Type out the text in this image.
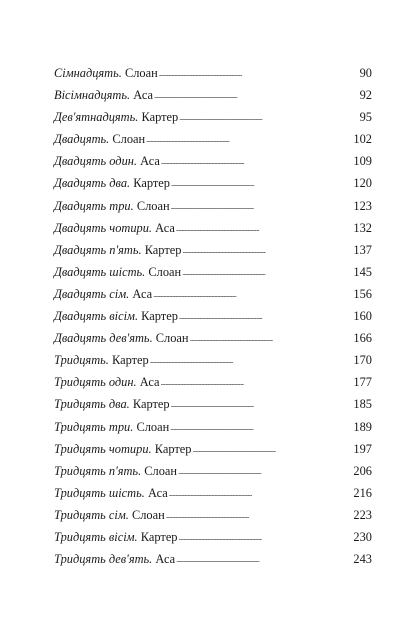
Сімнадцять. Слоан . . .	90
Вісімнадцять. Аса . . .	92
Дев'ятнадцять. Картер . . .	95
Двадцять. Слоан . . .	102
Двадцять один. Аса . . .	109
Двадцять два. Картер . . .	120
Двадцять три. Слоан . . .	123
Двадцять чотири. Аса . . .	132
Двадцять п'ять. Картер . . .	137
Двадцять шість. Слоан . . .	145
Двадцять сім. Аса . . .	156
Двадцять вісім. Картер . . .	160
Двадцять дев'ять. Слоан . . .	166
Тридцять. Картер . . .	170
Тридцять один. Аса . . .	177
Тридцять два. Картер . . .	185
Тридцять три. Слоан . . .	189
Тридцять чотири. Картер . . .	197
Тридцять п'ять. Слоан . . .	206
Тридцять шість. Аса . . .	216
Тридцять сім. Слоан . . .	223
Тридцять вісім. Картер . . .	230
Тридцять дев'ять. Аса . . .	243
